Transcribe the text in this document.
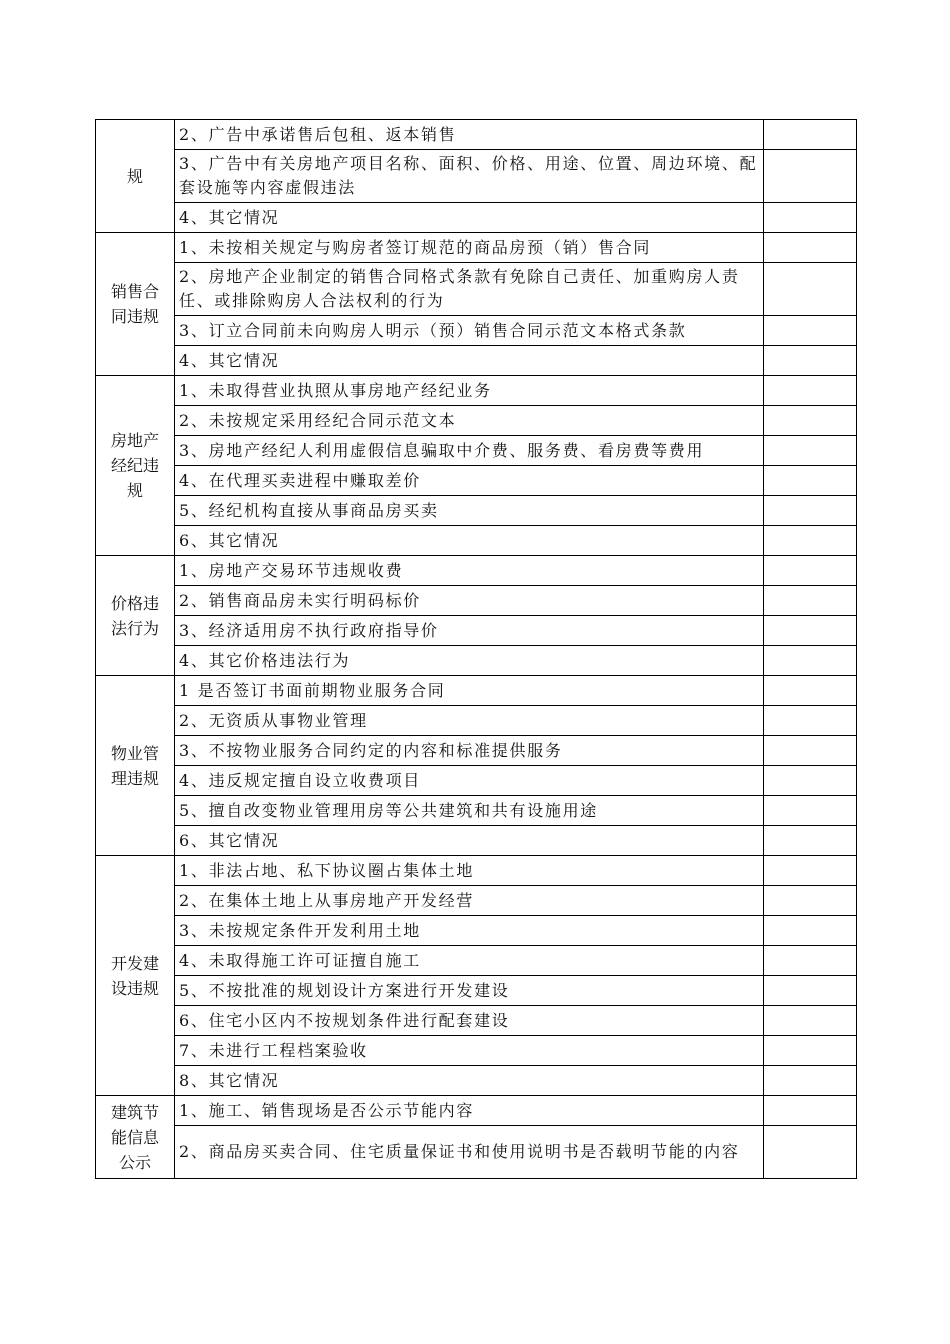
规	2、广告中承诺售后包租、返本销售	
	3、广告中有关房地产项目名称、面积、价格、用途、位置、周边环境、配套设施等内容虚假违法	
	4、其它情况	
销售合同违规	1、未按相关规定与购房者签订规范的商品房预（销）售合同	
	2、房地产企业制定的销售合同格式条款有免除自己责任、加重购房人责任、或排除购房人合法权利的行为	
	3、订立合同前未向购房人明示（预）销售合同示范文本格式条款	
	4、其它情况	
房地产经纪违规	1、未取得营业执照从事房地产经纪业务	
	2、未按规定采用经纪合同示范文本	
	3、房地产经纪人利用虚假信息骗取中介费、服务费、看房费等费用	
	4、在代理买卖进程中赚取差价	
	5、经纪机构直接从事商品房买卖	
	6、其它情况	
价格违法行为	1、房地产交易环节违规收费	
	2、销售商品房未实行明码标价	
	3、经济适用房不执行政府指导价	
	4、其它价格违法行为	
物业管理违规	1 是否签订书面前期物业服务合同	
	2、无资质从事物业管理	
	3、不按物业服务合同约定的内容和标准提供服务	
	4、违反规定擅自设立收费项目	
	5、擅自改变物业管理用房等公共建筑和共有设施用途	
	6、其它情况	
开发建设违规	1、非法占地、私下协议圈占集体土地	
	2、在集体土地上从事房地产开发经营	
	3、未按规定条件开发利用土地	
	4、未取得施工许可证擅自施工	
	5、不按批准的规划设计方案进行开发建设	
	6、住宅小区内不按规划条件进行配套建设	
	7、未进行工程档案验收	
	8、其它情况	
建筑节能信息公示	1、施工、销售现场是否公示节能内容	
	2、商品房买卖合同、住宅质量保证书和使用说明书是否载明节能的内容	
